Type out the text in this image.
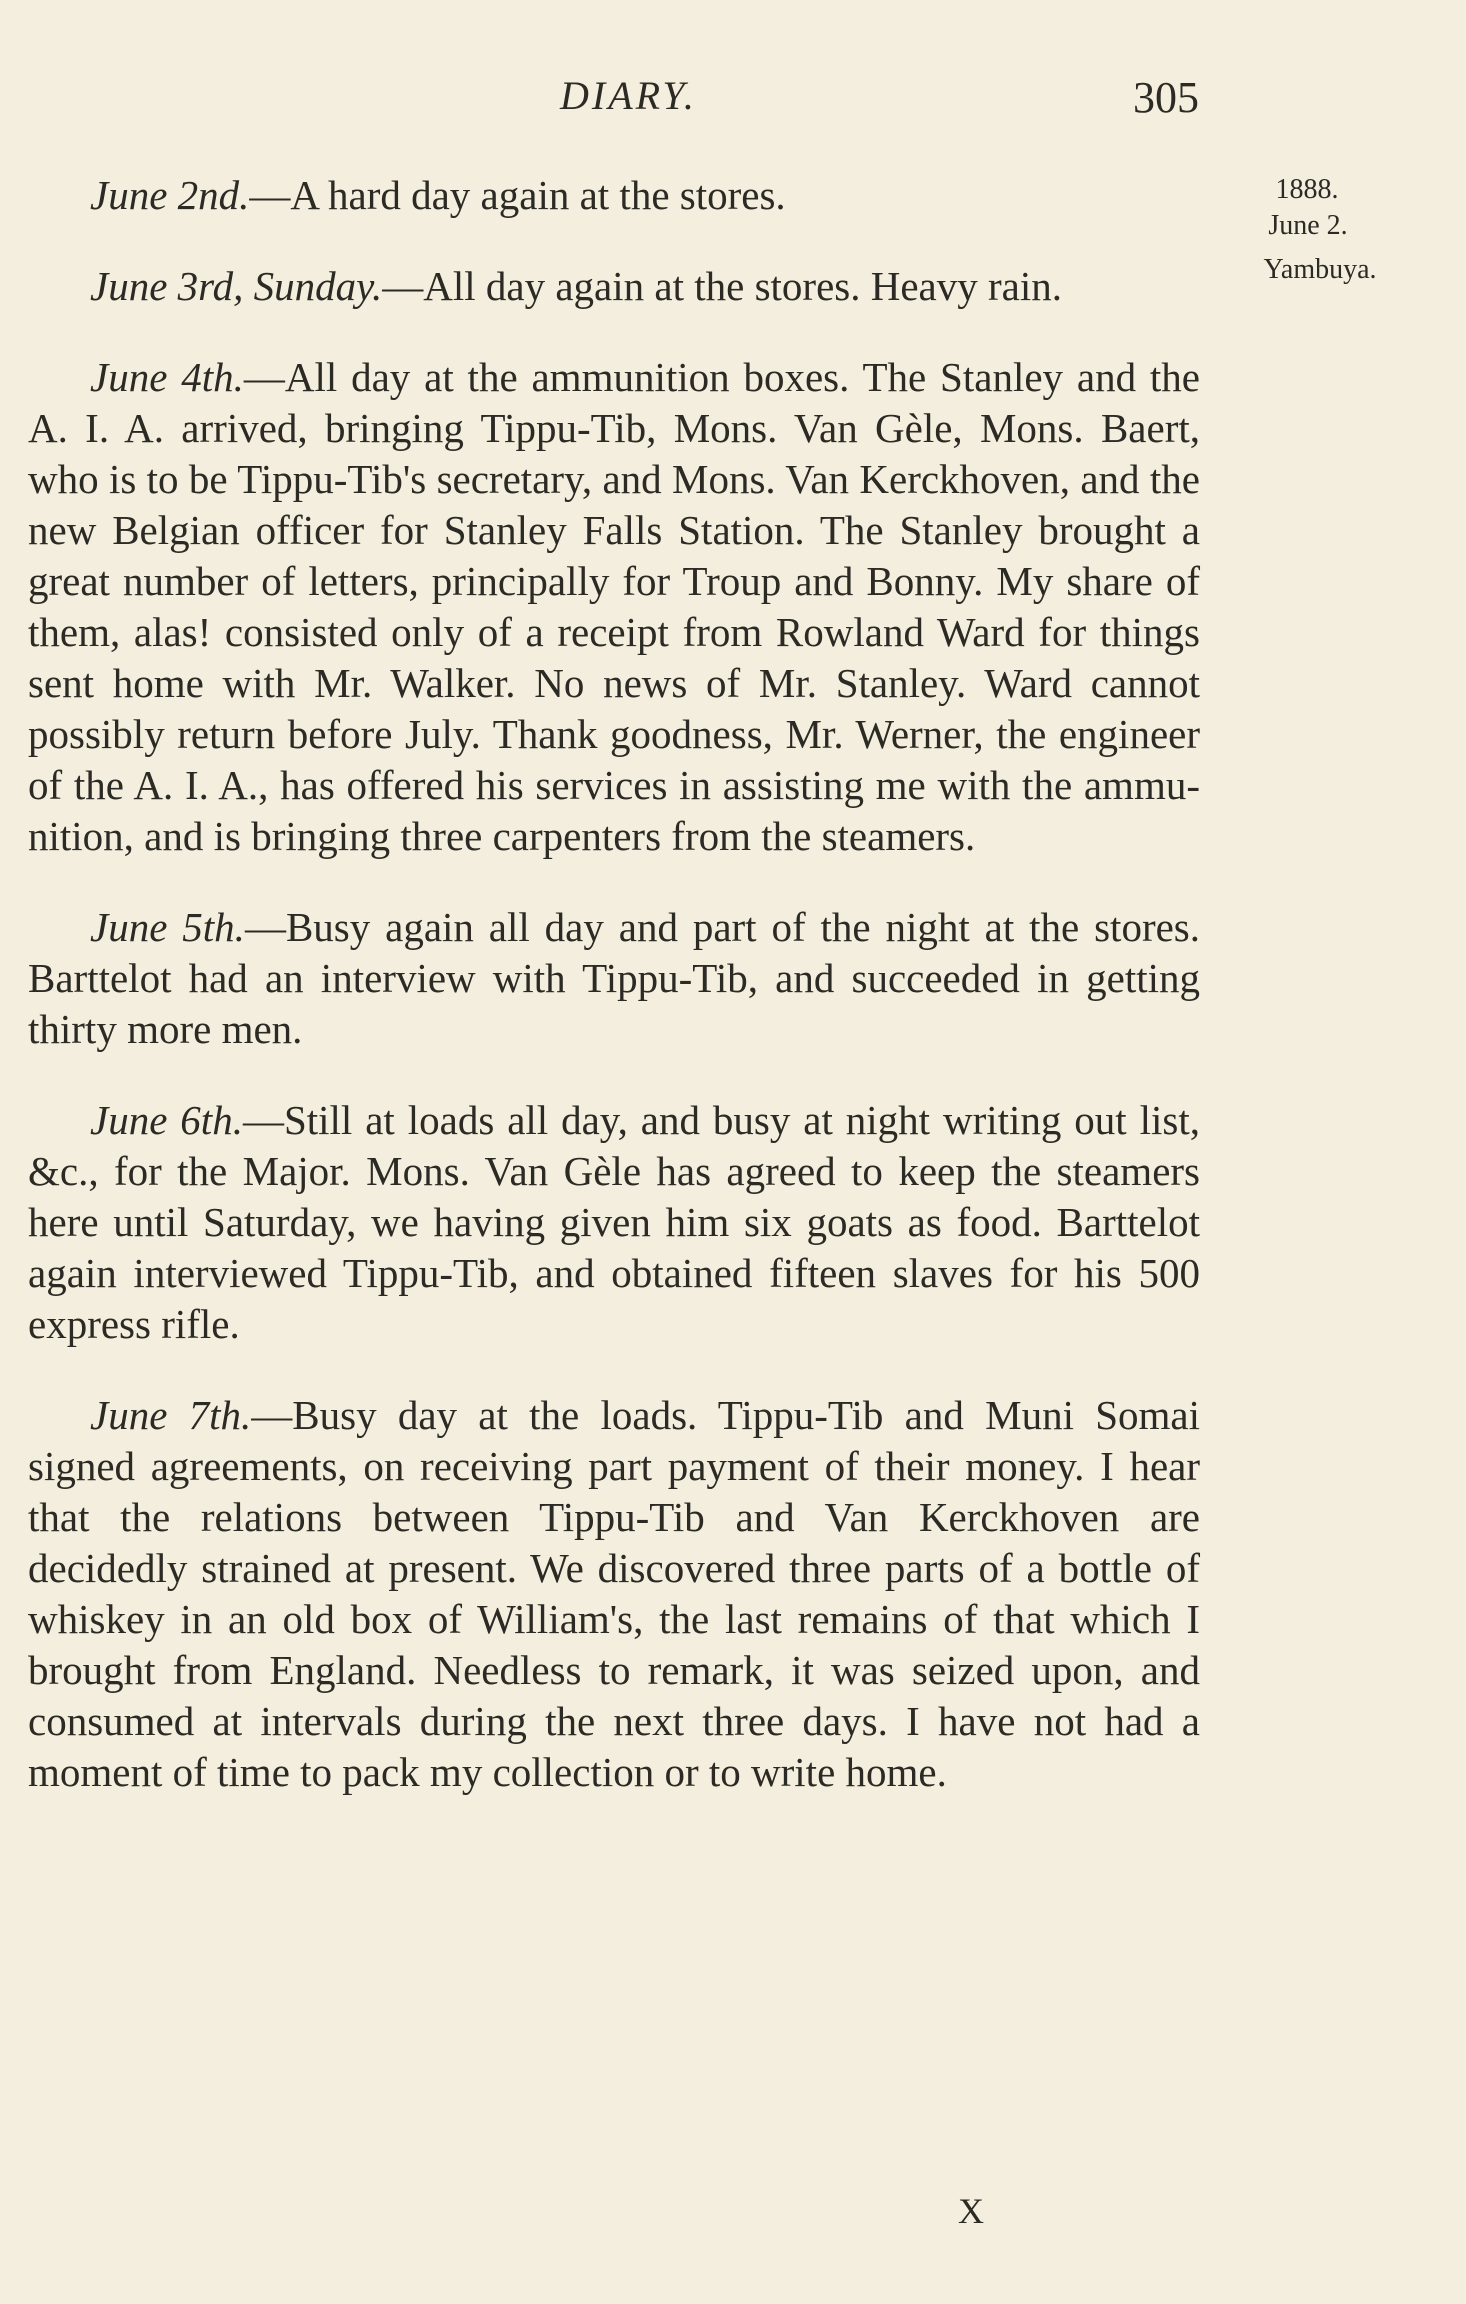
DIARY.	305
1888.
June 2.
Yambuya.

June 2nd.—A hard day again at the stores.

June 3rd, Sunday.—All day again at the stores. Heavy rain.

June 4th.—All day at the ammunition boxes. The Stanley and the A. I. A. arrived, bringing Tippu-Tib, Mons. Van Gèle, Mons. Baert, who is to be Tippu-Tib's secretary, and Mons. Van Kerckhoven, and the new Belgian officer for Stanley Falls Station. The Stanley brought a great number of letters, principally for Troup and Bonny. My share of them, alas! consisted only of a receipt from Rowland Ward for things sent home with Mr. Walker. No news of Mr. Stanley. Ward cannot possibly return before July. Thank goodness, Mr. Werner, the engineer of the A. I. A., has offered his services in assisting me with the ammunition, and is bringing three carpenters from the steamers.

June 5th.—Busy again all day and part of the night at the stores. Barttelot had an interview with Tippu-Tib, and succeeded in getting thirty more men.

June 6th.—Still at loads all day, and busy at night writing out list, &c., for the Major. Mons. Van Gèle has agreed to keep the steamers here until Saturday, we having given him six goats as food. Barttelot again interviewed Tippu-Tib, and obtained fifteen slaves for his 500 express rifle.

June 7th.—Busy day at the loads. Tippu-Tib and Muni Somai signed agreements, on receiving part payment of their money. I hear that the relations between Tippu-Tib and Van Kerckhoven are decidedly strained at present. We discovered three parts of a bottle of whiskey in an old box of William's, the last remains of that which I brought from England. Needless to remark, it was seized upon, and consumed at intervals during the next three days. I have not had a moment of time to pack my collection or to write home.

X
